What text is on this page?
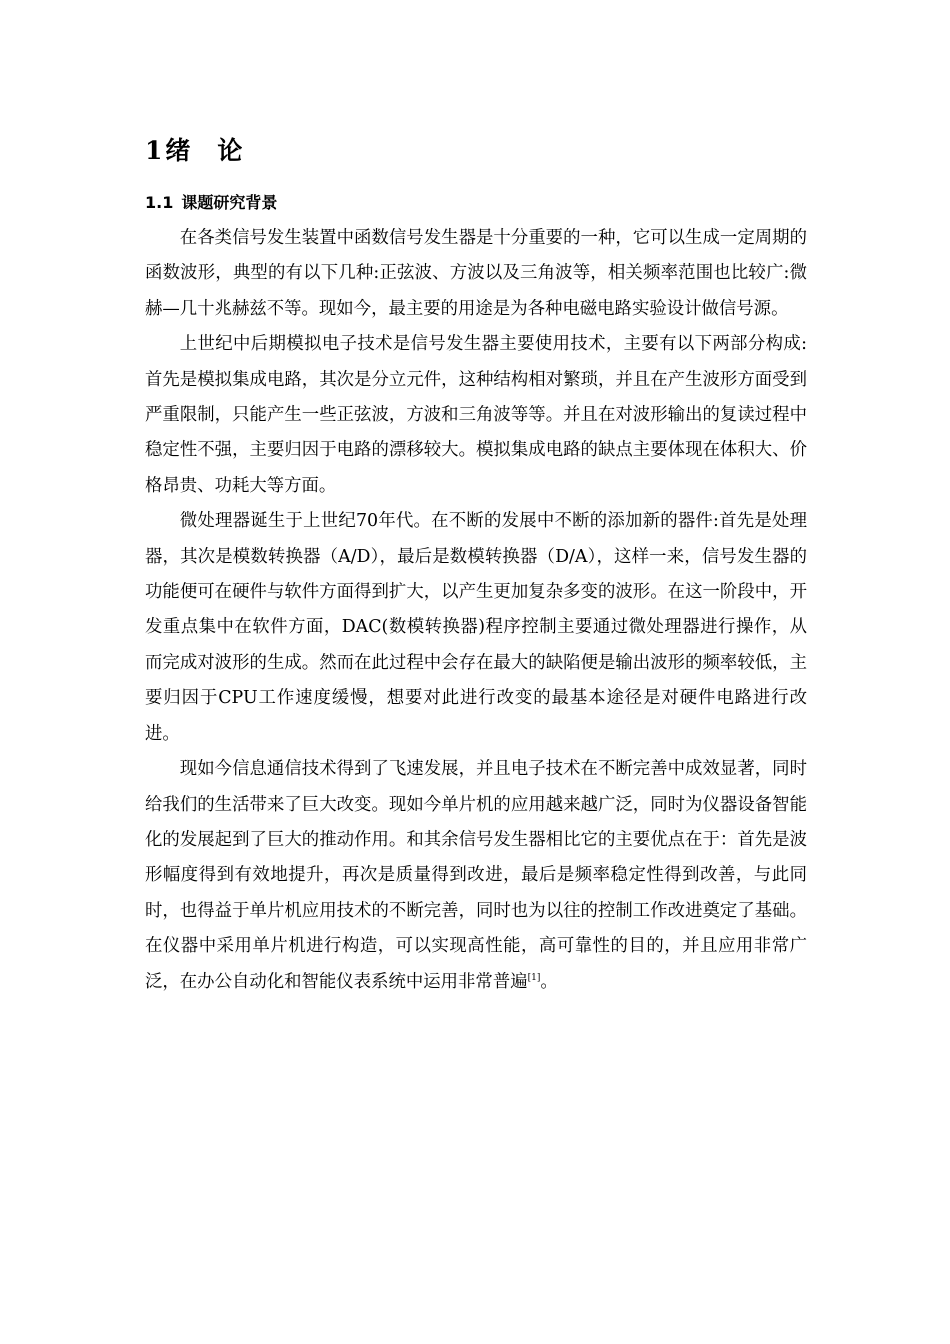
1绪 论
1.1 课题研究背景

在各类信号发生装置中函数信号发生器是十分重要的一种，它可以生成一定周期的函数波形，典型的有以下几种:正弦波、方波以及三角波等，相关频率范围也比较广:微赫—几十兆赫兹不等。现如今，最主要的用途是为各种电磁电路实验设计做信号源。

上世纪中后期模拟电子技术是信号发生器主要使用技术，主要有以下两部分构成:首先是模拟集成电路，其次是分立元件，这种结构相对繁琐，并且在产生波形方面受到严重限制，只能产生一些正弦波，方波和三角波等等。并且在对波形输出的复读过程中稳定性不强，主要归因于电路的漂移较大。模拟集成电路的缺点主要体现在体积大、价格昂贵、功耗大等方面。

微处理器诞生于上世纪70年代。在不断的发展中不断的添加新的器件:首先是处理器，其次是模数转换器（A/D），最后是数模转换器（D/A），这样一来，信号发生器的功能便可在硬件与软件方面得到扩大，以产生更加复杂多变的波形。在这一阶段中，开发重点集中在软件方面，DAC(数模转换器)程序控制主要通过微处理器进行操作，从而完成对波形的生成。然而在此过程中会存在最大的缺陷便是输出波形的频率较低，主要归因于CPU工作速度缓慢，想要对此进行改变的最基本途径是对硬件电路进行改进。

现如今信息通信技术得到了飞速发展，并且电子技术在不断完善中成效显著，同时给我们的生活带来了巨大改变。现如今单片机的应用越来越广泛，同时为仪器设备智能化的发展起到了巨大的推动作用。和其余信号发生器相比它的主要优点在于：首先是波形幅度得到有效地提升，再次是质量得到改进，最后是频率稳定性得到改善，与此同时，也得益于单片机应用技术的不断完善，同时也为以往的控制工作改进奠定了基础。在仪器中采用单片机进行构造，可以实现高性能，高可靠性的目的，并且应用非常广泛，在办公自动化和智能仪表系统中运用非常普遍[1]。
